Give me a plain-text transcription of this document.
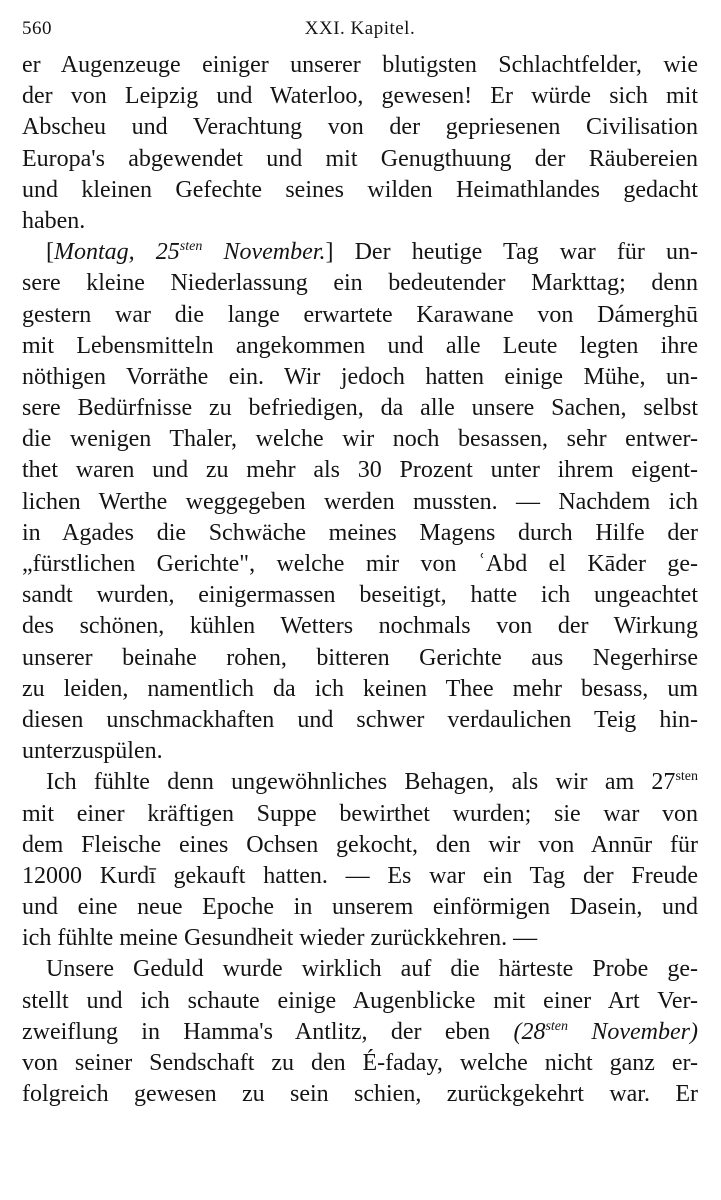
560	XXI. Kapitel.
er Augenzeuge einiger unserer blutigsten Schlachtfelder, wie
der von Leipzig und Waterloo, gewesen! Er würde sich mit
Abscheu und Verachtung von der gepriesenen Civilisation
Europa's abgewendet und mit Genugthuung der Räubereien
und kleinen Gefechte seines wilden Heimathlandes gedacht
haben.
[Montag, $25^{sten}$ November.] Der heutige Tag war für un-
sere kleine Niederlassung ein bedeutender Markttag; denn
gestern war die lange erwartete Karawane von Dámerghū
mit Lebensmitteln angekommen und alle Leute legten ihre
nöthigen Vorräthe ein. Wir jedoch hatten einige Mühe, un-
sere Bedürfnisse zu befriedigen, da alle unsere Sachen, selbst
die wenigen Thaler, welche wir noch besassen, sehr entwer-
thet waren und zu mehr als 30 Prozent unter ihrem eigent-
lichen Werthe weggegeben werden mussten. — Nachdem ich
in Agades die Schwäche meines Magens durch Hilfe der
„fürstlichen Gerichte", welche mir von ʿAbd el Kāder ge-
sandt wurden, einigermassen beseitigt, hatte ich ungeachtet
des schönen, kühlen Wetters nochmals von der Wirkung
unserer beinahe rohen, bitteren Gerichte aus Negerhirse
zu leiden, namentlich da ich keinen Thee mehr besass, um
diesen unschmackhaften und schwer verdaulichen Teig hin-
unterzuspülen.
Ich fühlte denn ungewöhnliches Behagen, als wir am $27^{sten}$
mit einer kräftigen Suppe bewirthet wurden; sie war von
dem Fleische eines Ochsen gekocht, den wir von Annūr für
12000 Kurdī gekauft hatten. — Es war ein Tag der Freude
und eine neue Epoche in unserem einförmigen Dasein, und
ich fühlte meine Gesundheit wieder zurückkehren. —
Unsere Geduld wurde wirklich auf die härteste Probe ge-
stellt und ich schaute einige Augenblicke mit einer Art Ver-
zweiflung in Hamma's Antlitz, der eben ($28^{sten}$ November)
von seiner Sendschaft zu den É-faday, welche nicht ganz er-
folgreich gewesen zu sein schien, zurückgekehrt war. Er
